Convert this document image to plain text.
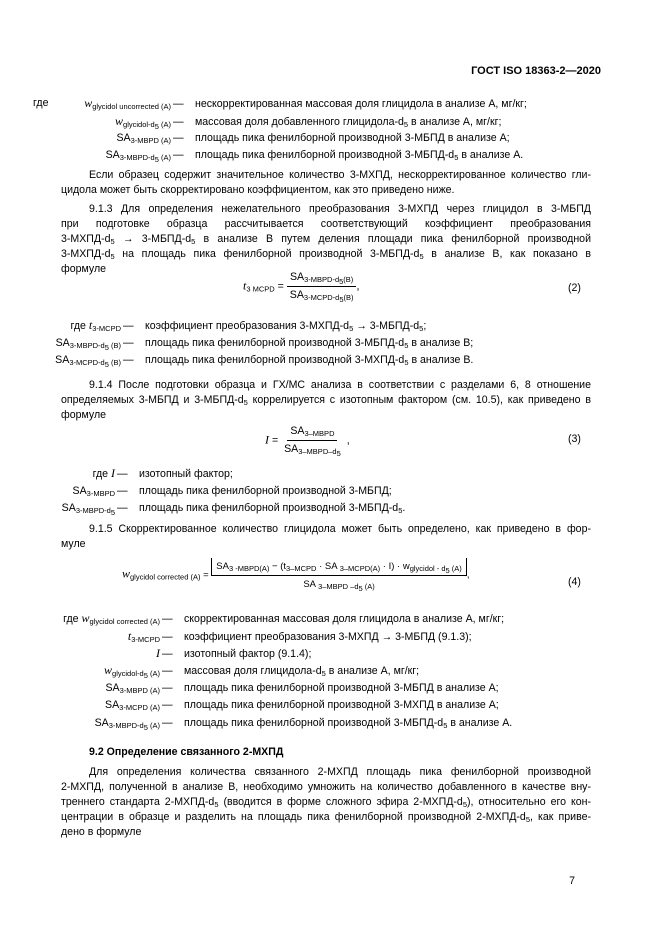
ГОСТ ISO 18363-2—2020
где	$w_{glycidol uncorrected (A)}$ —	нескорректированная массовая доля глицидола в анализе А, мг/кг;
$w_{glycidol-d_5 (A)}$ —	массовая доля добавленного глицидола-$d_5$ в анализе А, мг/кг;
$SA_{3-MBPD (A)}$ —	площадь пика фенилборной производной 3-МБПД в анализе А;
$SA_{3-MBPD-d_5 (A)}$ —	площадь пика фенилборной производной $3-МБПД-d_5$ в анализе А.
Если образец содержит значительное количество 3-МХПД, нескорректированное количество гли-
цидола может быть скорректировано коэффициентом, как это приведено ниже.
9.1.3 Для определения нежелательного преобразования 3-МХПД через глицидол в 3-МБПД
при подготовке образца рассчитывается соответствующий коэффициент преобразования
$3-МХПД-d_5$ → $3-МБПД-d_5$ в анализе В путем деления площади пика фенилборной производной
$3-МХПД-d_5$ на площадь пика фенилборной производной $3-МБПД-d_5$ в анализе В, как показано в
формуле
$t_{3 MCPD} = \frac{SA_{3-MBPD-d_5(B)}}{SA_{3-MCPD-d_5(B)}}$ ,	(2)
где $t_{3-MCPD}$ —	коэффициент преобразования $3-МХПД-d_5$ → $3-МБПД-d_5$;
$SA_{3-MBPD-d_5 (B)}$ —	площадь пика фенилборной производной $3-МБПД-d_5$ в анализе В;
$SA_{3-MCPD-d_5 (B)}$ —	площадь пика фенилборной производной $3-МХПД-d_5$ в анализе В.
9.1.4 После подготовки образца и ГХ/МС анализа в соответствии с разделами 6, 8 отношение
определяемых 3-МБПД и $3-МБПД-d_5$ коррелируется с изотопным фактором (см. 10.5), как приведено в
формуле
$I = \frac{SA_{3-MBPD}}{SA_{3-MBPD-d_5}}$ ,	(3)
где I —	изотопный фактор;
$SA_{3-MBPD}$ —	площадь пика фенилборной производной 3-МБПД;
$SA_{3-MBPD-d_5}$ —	площадь пика фенилборной производной $3-МБПД-d_5$.
9.1.5 Скорректированное количество глицидола может быть определено, как приведено в фор-
муле
$w_{glycidol corrected (A)}$ =
$SA_{3 -MBPD(A)} - (t_{3-MCPD}$ · SA $_{3-MCPD(A)} \cdot I) \cdot w_{glycidol - d_5 (A)}$
SA $_{3-MBPD -d_5 (A)}$
,
(4)
где $w_{glycidol corrected (A)}$ —	скорректированная массовая доля глицидола в анализе А, мг/кг;
$t_{3-MCPD}$ —	коэффициент преобразования 3-МХПД → 3-МБПД (9.1.3);
I —	изотопный фактор (9.1.4);
$w_{glycidol-d_5 (A)}$ —	массовая доля глицидола-$d_5$ в анализе А, мг/кг;
$SA_{3-MBPD (A)}$ —	площадь пика фенилборной производной 3-МБПД в анализе А;
$SA_{3-MCPD (A)}$ —	площадь пика фенилборной производной 3-МХПД в анализе А;
$SA_{3-MBPD-d_5 (A)}$ —	площадь пика фенилборной производной $3-МБПД-d_5$ в анализе А.
9.2 Определение связанного 2-МХПД
Для определения количества связанного 2-МХПД площадь пика фенилборной производной
2-МХПД, полученной в анализе В, необходимо умножить на количество добавленного в качестве вну-
треннего стандарта $2-МХПД-d_5$ (вводится в форме сложного эфира $2-МХПД-d_5$), относительно его кон-
центрации в образце и разделить на площадь пика фенилборной производной $2-МХПД-d_5$, как приве-
дено в формуле
7
